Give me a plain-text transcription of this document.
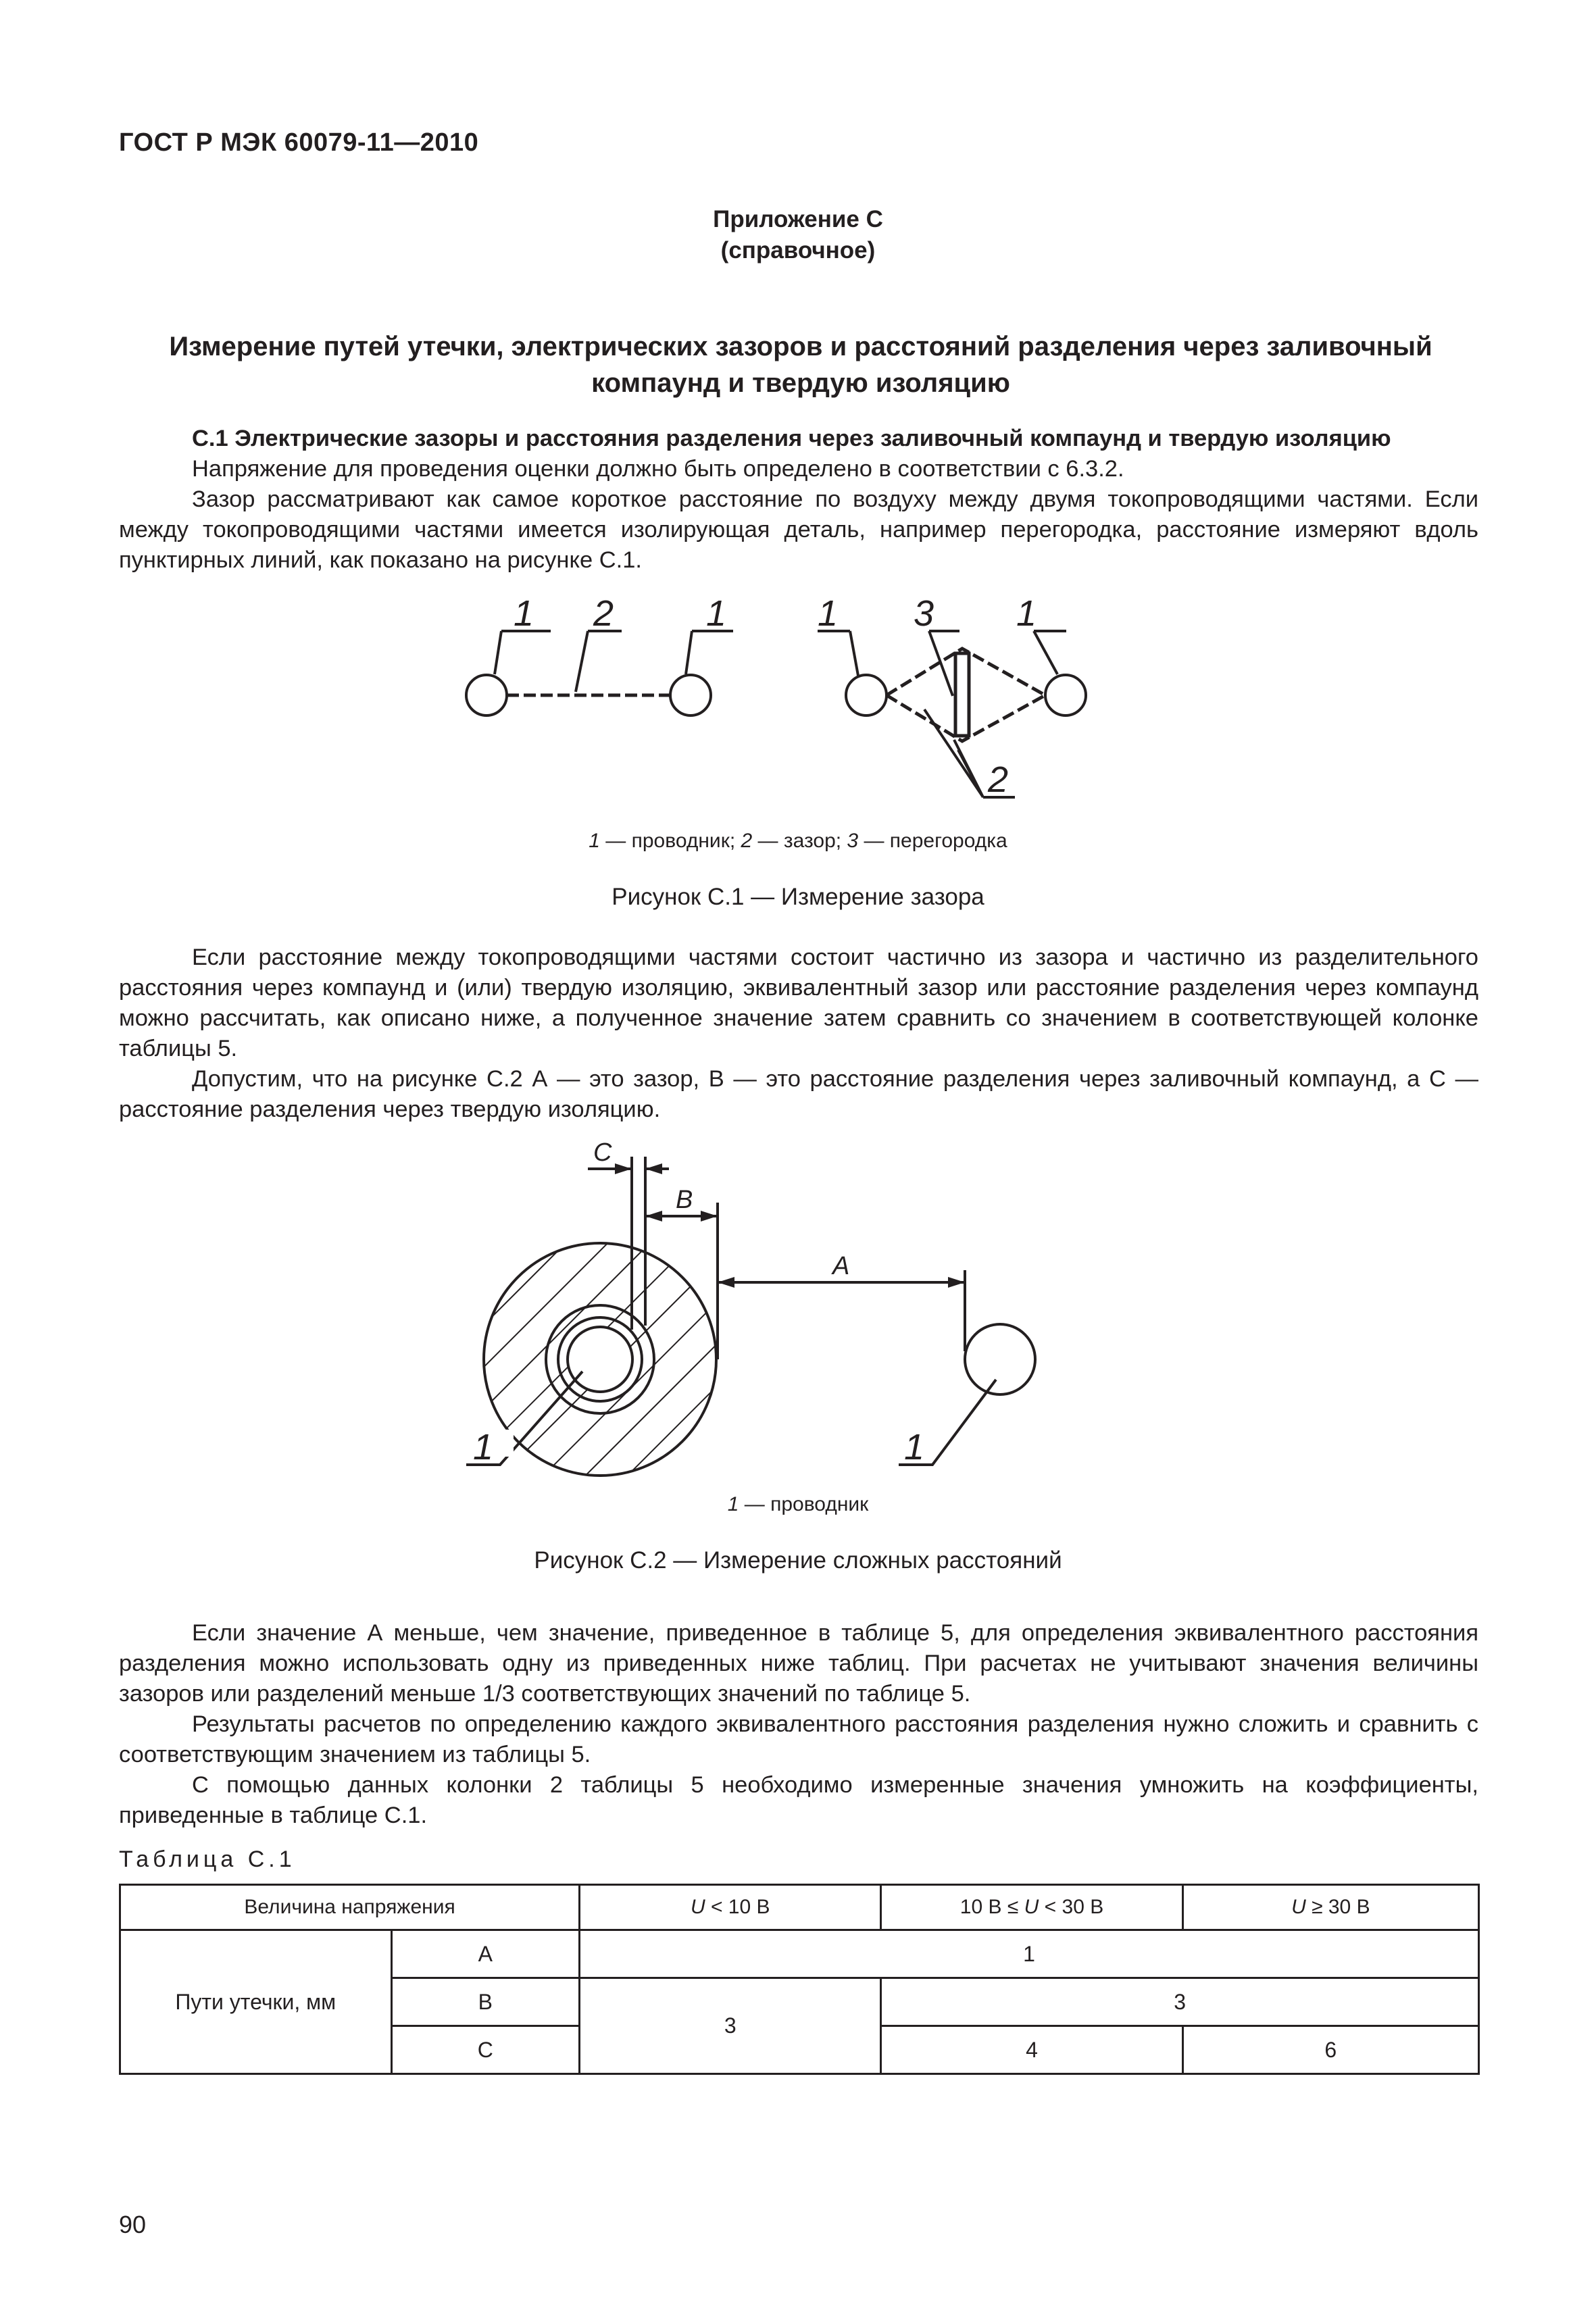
ГОСТ Р МЭК 60079-11—2010
Приложение С
(справочное)
Измерение путей утечки, электрических зазоров и расстояний разделения через заливочный компаунд и твердую изоляцию

С.1 Электрические зазоры и расстояния разделения через заливочный компаунд и твердую изоляцию

Напряжение для проведения оценки должно быть определено в соответствии с 6.3.2.

Зазор рассматривают как самое короткое расстояние по воздуху между двумя токопроводящими частями. Если между токопроводящими частями имеется изолирующая деталь, например перегородка, расстояние измеряют вдоль пунктирных линий, как показано на рисунке С.1.

1 2	1 1 3 1
2
1 — проводник; 2 — зазор; 3 — перегородка
Рисунок С.1 — Измерение зазора

Если расстояние между токопроводящими частями состоит частично из зазора и частично из разделительного расстояния через компаунд и (или) твердую изоляцию, эквивалентный зазор или расстояние разделения через компаунд можно рассчитать, как описано ниже, а полученное значение затем сравнить со значением в соответствующей колонке таблицы 5.

Допустим, что на рисунке С.2 А — это зазор, В — это расстояние разделения через заливочный компаунд, а С — расстояние разделения через твердую изоляцию.

С
В
А
1	1
1 — проводник
Рисунок С.2 — Измерение сложных расстояний

Если значение А меньше, чем значение, приведенное в таблице 5, для определения эквивалентного расстояния разделения можно использовать одну из приведенных ниже таблиц. При расчетах не учитывают значения величины зазоров или разделений меньше 1/3 соответствующих значений по таблице 5.

Результаты расчетов по определению каждого эквивалентного расстояния разделения нужно сложить и сравнить с соответствующим значением из таблицы 5.

С помощью данных колонки 2 таблицы 5 необходимо измеренные значения умножить на коэффициенты, приведенные в таблице С.1.

Таблица С.1
Величина напряжения		U < 10 В	10 В ≤ U < 30 В	U ≥ 30 В
Пути утечки, мм	А	1		
	В	3	3	
	С		4	6
90
